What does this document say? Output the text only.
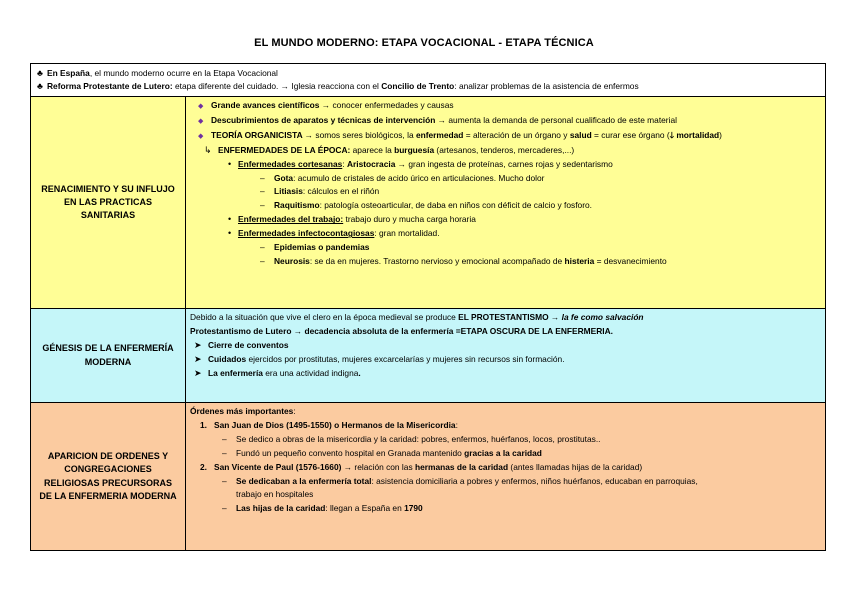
EL MUNDO MODERNO: ETAPA VOCACIONAL - ETAPA TÉCNICA
♣ En España, el mundo moderno ocurre en la Etapa Vocacional
♣ Reforma Protestante de Lutero: etapa diferente del cuidado. → Iglesia reacciona con el Concilio de Trento: analizar problemas de la asistencia de enfermos
RENACIMIENTO Y SU INFLUJO EN LAS PRACTICAS SANITARIAS
◆ Grande avances científicos → conocer enfermedades y causas
◆ Descubrimientos de aparatos y técnicas de intervención → aumenta la demanda de personal cualificado de este material
◆ TEORÍA ORGANICISTA → somos seres biológicos, la enfermedad = alteración de un órgano y salud = curar ese órgano (🡓 mortalidad)
↳ ENFERMEDADES DE LA ÉPOCA: aparece la burguesía (artesanos, tenderos, mercaderes,...)
• Enfermedades cortesanas: Aristocracia → gran ingesta de proteínas, carnes rojas y sedentarismo
– Gota: acumulo de cristales de acido úrico en articulaciones. Mucho dolor
– Litiasis: cálculos en el riñón
– Raquitismo: patología osteoarticular, de daba en niños con déficit de calcio y fosforo.
• Enfermedades del trabajo: trabajo duro y mucha carga horaria
• Enfermedades infectocontagiosas: gran mortalidad.
– Epidemias o pandemias
– Neurosis: se da en mujeres. Trastorno nervioso y emocional acompañado de histeria = desvanecimiento
GÉNESIS DE LA ENFERMERÍA MODERNA
Debido a la situación que vive el clero en la época medieval se produce EL PROTESTANTISMO → la fe como salvación
Protestantismo de Lutero → decadencia absoluta de la enfermería =ETAPA OSCURA DE LA ENFERMERIA.
➤ Cierre de conventos
➤ Cuidados ejercidos por prostitutas, mujeres excarcelarías y mujeres sin recursos sin formación.
➤ La enfermería era una actividad indigna.
APARICION DE ORDENES Y CONGREGACIONES RELIGIOSAS PRECURSORAS DE LA ENFERMERIA MODERNA
Órdenes más importantes:
1. San Juan de Dios (1495-1550) o Hermanos de la Misericordia:
– Se dedico a obras de la misericordia y la caridad: pobres, enfermos, huérfanos, locos, prostitutas..
– Fundó un pequeño convento hospital en Granada mantenido gracias a la caridad
2. San Vicente de Paul (1576-1660) → relación con las hermanas de la caridad (antes llamadas hijas de la caridad)
– Se dedicaban a la enfermería total: asistencia domiciliaria a pobres y enfermos, niños huérfanos, educaban en parroquias,
trabajo en hospitales
– Las hijas de la caridad: llegan a España en 1790
